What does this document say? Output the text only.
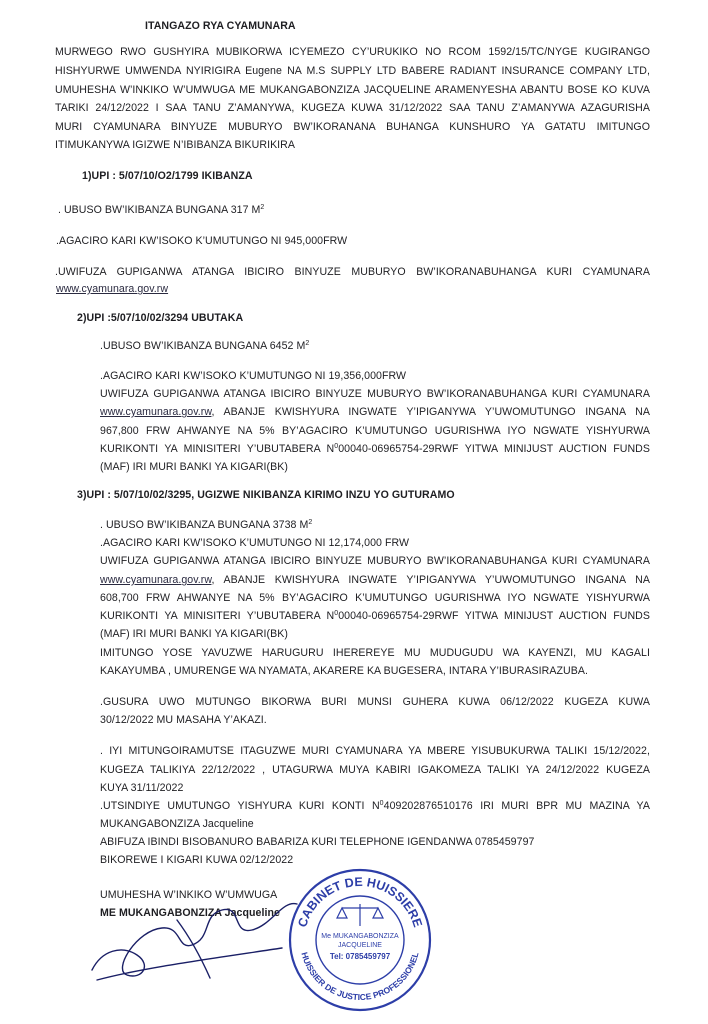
ITANGAZO RYA CYAMUNARA
MURWEGO RWO GUSHYIRA MUBIKORWA ICYEMEZO CY’URUKIKO NO RCOM 1592/15/TC/NYGE KUGIRANGO
HISHYURWE UMWENDA NYIRIGIRA Eugene NA M.S SUPPLY LTD BABERE RADIANT INSURANCE COMPANY LTD,
UMUHESHA W’INKIKO W’UMWUGA ME MUKANGABONZIZA JACQUELINE ARAMENYESHA ABANTU BOSE KO KUVA
TARIKI 24/12/2022 I SAA TANU Z’AMANYWA, KUGEZA KUWA 31/12/2022 SAA TANU Z’AMANYWA AZAGURISHA
MURI CYAMUNARA BINYUZE MUBURYO BW’IKORANANA BUHANGA KUNSHURO YA GATATU IMITUNGO
ITIMUKANYWA IGIZWE N’IBIBANZA BIKURIKIRA
1)UPI : 5/07/10/O2/1799 IKIBANZA
. UBUSO BW’IKIBANZA BUNGANA 317 $M^2$
.AGACIRO KARI KW’ISOKO K’UMUTUNGO NI 945,000FRW
.UWIFUZA GUPIGANWA ATANGA IBICIRO BINYUZE MUBURYO BW’IKORANABUHANGA KURI CYAMUNARA
www.cyamunara.gov.rw
2)UPI :5/07/10/02/3294 UBUTAKA
.UBUSO BW’IKIBANZA BUNGANA 6452 $M^2$
.AGACIRO KARI KW’ISOKO K’UMUTUNGO NI 19,356,000FRW
UWIFUZA GUPIGANWA ATANGA IBICIRO BINYUZE MUBURYO BW’IKORANABUHANGA KURI CYAMUNARA
www.cyamunara.gov.rw, ABANJE KWISHYURA INGWATE Y’IPIGANYWA Y’UWOMUTUNGO INGANA NA
967,800 FRW AHWANYE NA 5% BY’AGACIRO K’UMUTUNGO UGURISHWA IYO NGWATE YISHYURWA
KURIKONTI YA MINISITERI Y’UBUTABERA $N^000040-06965754-29RWF$ YITWA MINIJUST AUCTION FUNDS
(MAF) IRI MURI BANKI YA KIGARI(BK)
3)UPI : 5/07/10/02/3295, UGIZWE NIKIBANZA KIRIMO INZU YO GUTURAMO
. UBUSO BW’IKIBANZA BUNGANA 3738 $M^2$
.AGACIRO KARI KW’ISOKO K’UMUTUNGO NI 12,174,000 FRW
UWIFUZA GUPIGANWA ATANGA IBICIRO BINYUZE MUBURYO BW’IKORANABUHANGA KURI CYAMUNARA
www.cyamunara.gov.rw, ABANJE KWISHYURA INGWATE Y’IPIGANYWA Y’UWOMUTUNGO INGANA NA
608,700 FRW AHWANYE NA 5% BY’AGACIRO K’UMUTUNGO UGURISHWA IYO NGWATE YISHYURWA
KURIKONTI YA MINISITERI Y’UBUTABERA $N^000040-06965754-29RWF$ YITWA MINIJUST AUCTION FUNDS
(MAF) IRI MURI BANKI YA KIGARI(BK)
IMITUNGO YOSE YAVUZWE HARUGURU IHEREREYE MU MUDUGUDU WA KAYENZI, MU KAGALI
KAKAYUMBA , UMURENGE WA NYAMATA, AKARERE KA BUGESERA, INTARA Y’IBURASIRAZUBA.
.GUSURA UWO MUTUNGO BIKORWA BURI MUNSI GUHERA KUWA 06/12/2022 KUGEZA KUWA
30/12/2022 MU MASAHA Y’AKAZI.
. IYI MITUNGOIRAMUTSE ITAGUZWE MURI CYAMUNARA YA MBERE YISUBUKURWA TALIKI 15/12/2022,
KUGEZA TALIKIYA 22/12/2022 , UTAGURWA MUYA KABIRI IGAKOMEZA TALIKI YA 24/12/2022 KUGEZA
KUYA 31/11/2022
.UTSINDIYE UMUTUNGO YISHYURA KURI KONTI $N^0409202876510176$ IRI MURI BPR MU MAZINA YA
MUKANGABONZIZA Jacqueline
ABIFUZA IBINDI BISOBANURO BABARIZA KURI TELEPHONE IGENDANWA 0785459797
BIKOREWE I KIGARI KUWA 02/12/2022
UMUHESHA W’INKIKO W’UMWUGA
ME MUKANGABONZIZA Jacqueline
CABINET DE HUISSIERE
HUISSIER DE JUSTICE PROFESSIONEL
Me MUKANGABONZIZA
JACQUELINE
Tel: 0785459797
